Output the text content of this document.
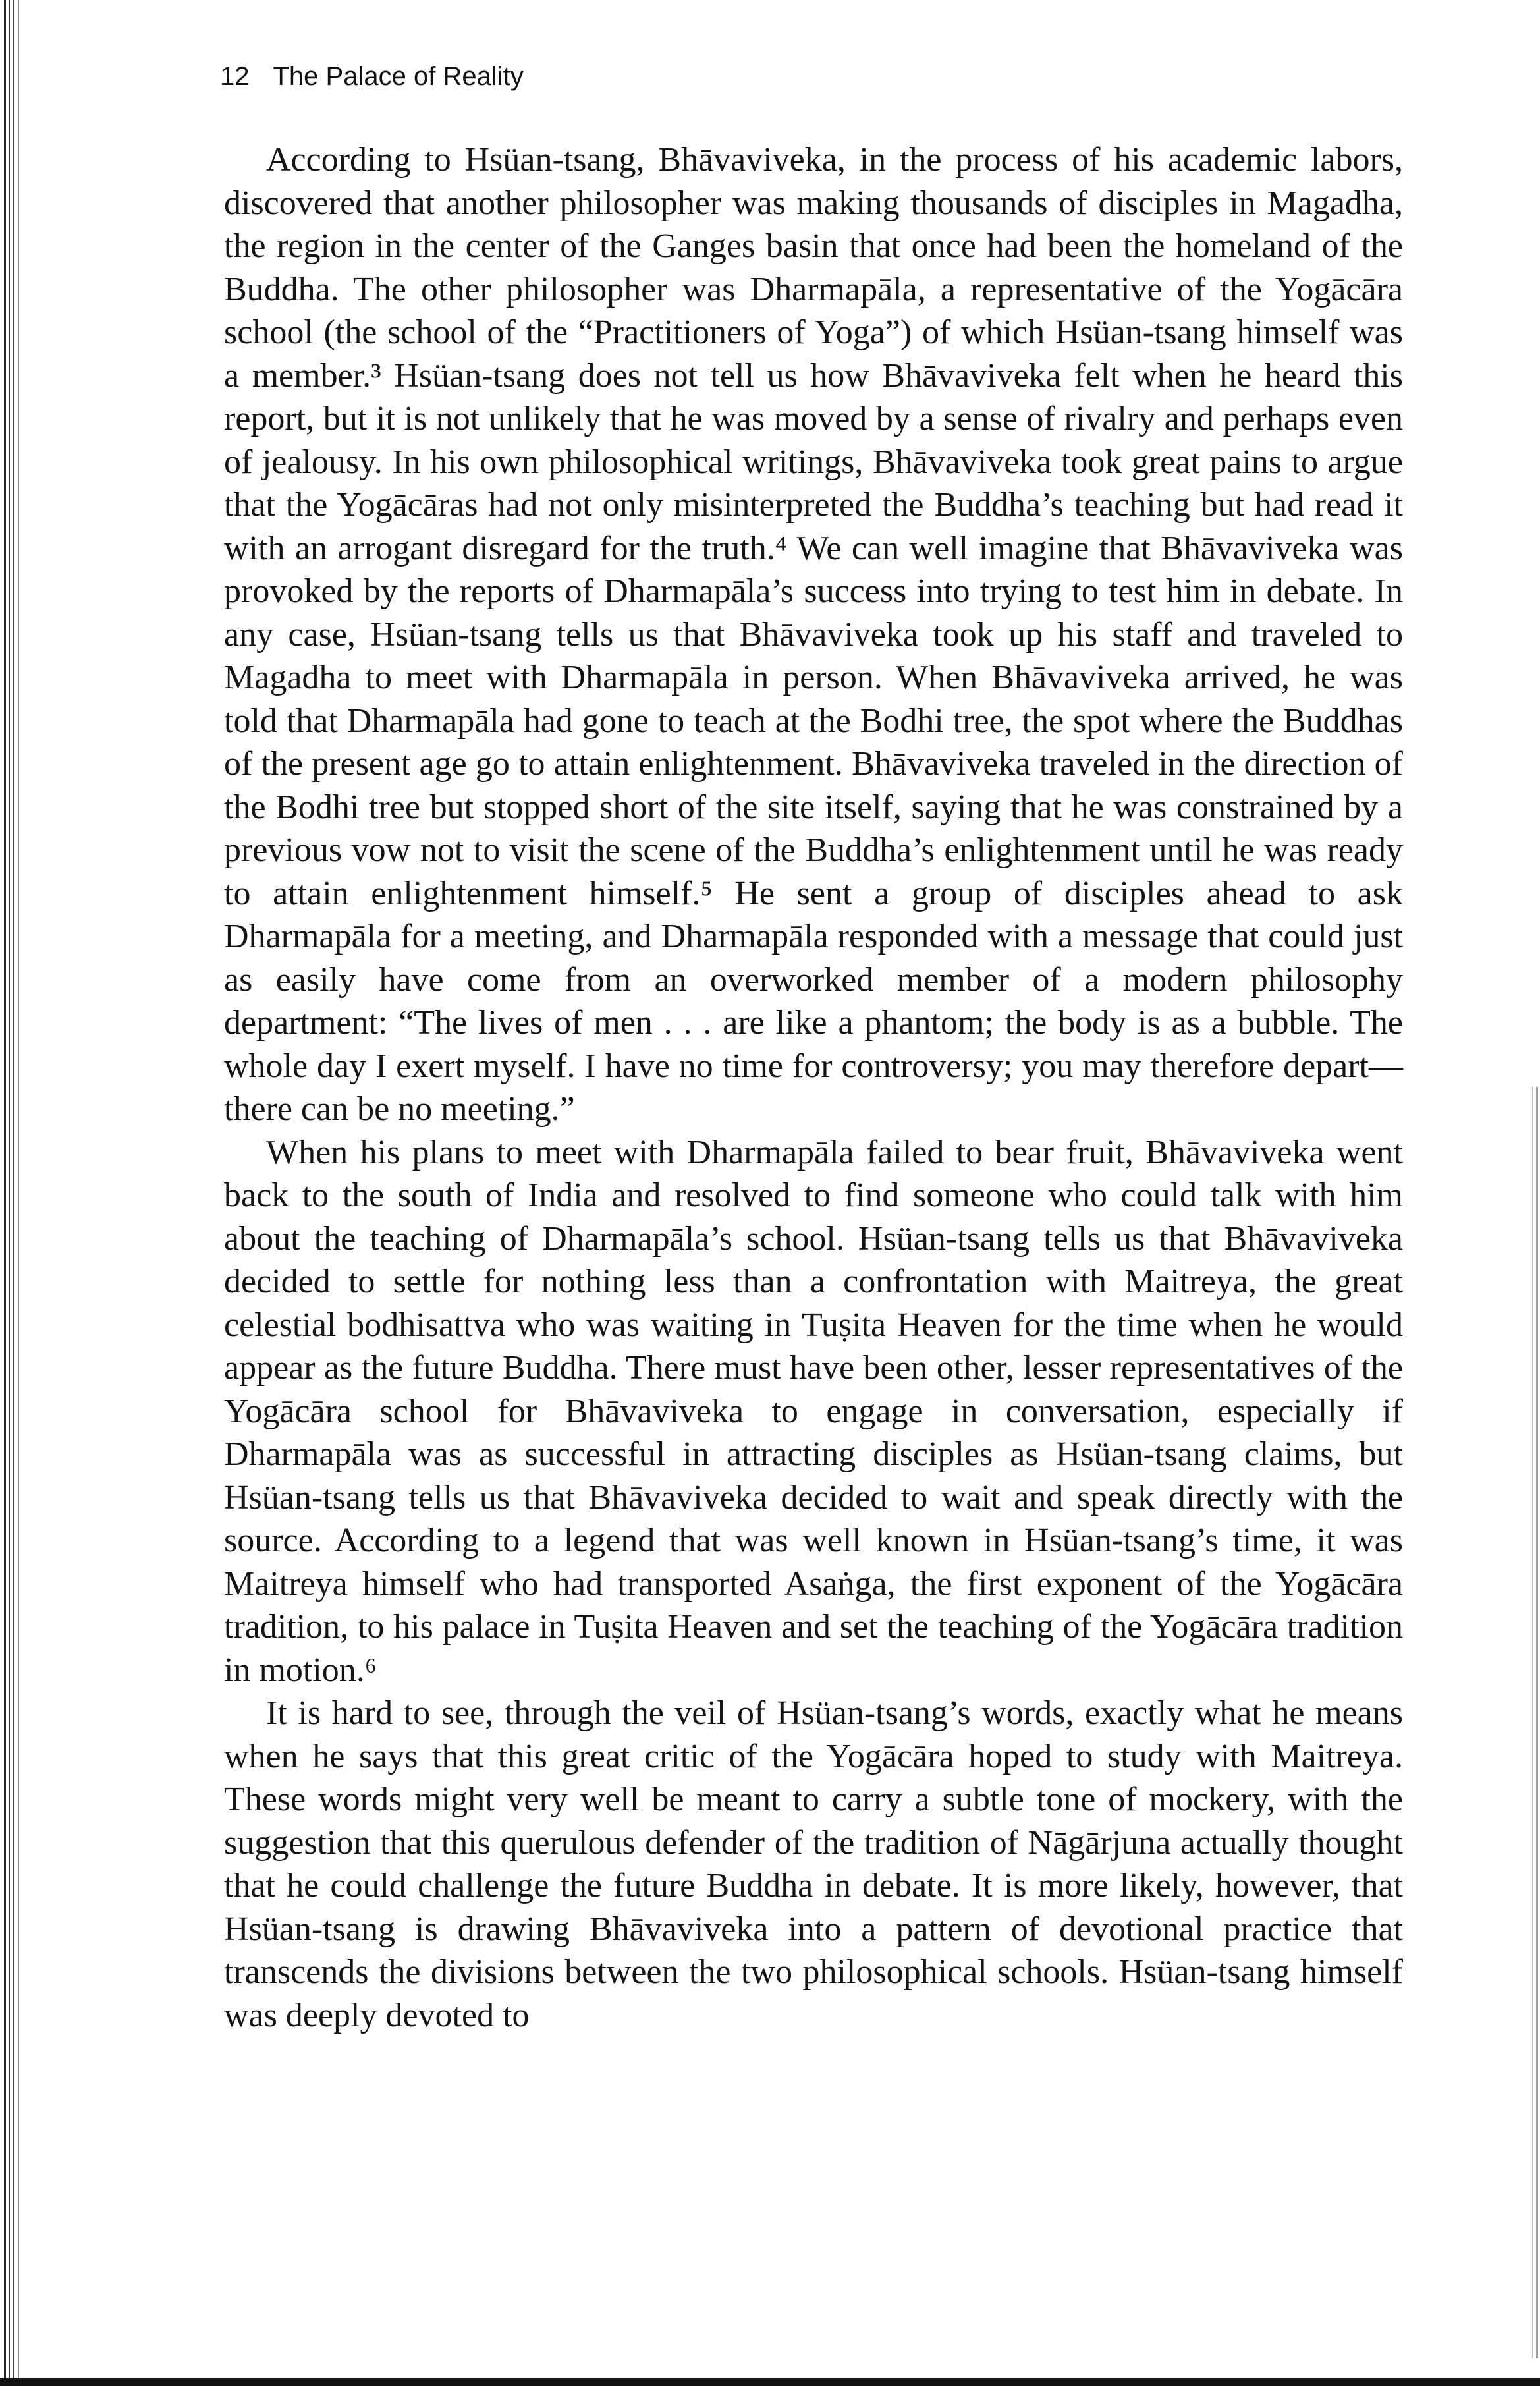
12 The Palace of Reality

According to Hsüan-tsang, Bhāvaviveka, in the process of his academic labors, discovered that another philosopher was making thousands of disciples in Magadha, the region in the center of the Ganges basin that once had been the homeland of the Buddha. The other philosopher was Dharmapāla, a representative of the Yogācāra school (the school of the “Practitioners of Yoga”) of which Hsüan-tsang himself was a member.³ Hsüan-tsang does not tell us how Bhāvaviveka felt when he heard this report, but it is not unlikely that he was moved by a sense of rivalry and perhaps even of jealousy. In his own philosophical writings, Bhāvaviveka took great pains to argue that the Yogācāras had not only misinterpreted the Buddha’s teaching but had read it with an arrogant disregard for the truth.⁴ We can well imagine that Bhāvaviveka was provoked by the reports of Dharmapāla’s success into trying to test him in debate. In any case, Hsüan-tsang tells us that Bhāvaviveka took up his staff and traveled to Magadha to meet with Dharmapāla in person. When Bhāvaviveka arrived, he was told that Dharmapāla had gone to teach at the Bodhi tree, the spot where the Buddhas of the present age go to attain enlightenment. Bhāvaviveka traveled in the direction of the Bodhi tree but stopped short of the site itself, saying that he was constrained by a previous vow not to visit the scene of the Buddha’s enlightenment until he was ready to attain enlightenment himself.⁵ He sent a group of disciples ahead to ask Dharmapāla for a meeting, and Dharmapāla responded with a message that could just as easily have come from an overworked member of a modern philosophy department: “The lives of men . . . are like a phantom; the body is as a bubble. The whole day I exert myself. I have no time for controversy; you may therefore depart—there can be no meeting.”

When his plans to meet with Dharmapāla failed to bear fruit, Bhāvaviveka went back to the south of India and resolved to find someone who could talk with him about the teaching of Dharmapāla’s school. Hsüan-tsang tells us that Bhāvaviveka decided to settle for nothing less than a confrontation with Maitreya, the great celestial bodhisattva who was waiting in Tuṣita Heaven for the time when he would appear as the future Buddha. There must have been other, lesser representatives of the Yogācāra school for Bhāvaviveka to engage in conversation, especially if Dharmapāla was as successful in attracting disciples as Hsüan-tsang claims, but Hsüan-tsang tells us that Bhāvaviveka decided to wait and speak directly with the source. According to a legend that was well known in Hsüan-tsang’s time, it was Maitreya himself who had transported Asaṅga, the first exponent of the Yogācāra tradition, to his palace in Tuṣita Heaven and set the teaching of the Yogācāra tradition in motion.⁶

It is hard to see, through the veil of Hsüan-tsang’s words, exactly what he means when he says that this great critic of the Yogācāra hoped to study with Maitreya. These words might very well be meant to carry a subtle tone of mockery, with the suggestion that this querulous defender of the tradition of Nāgārjuna actually thought that he could challenge the future Buddha in debate. It is more likely, however, that Hsüan-tsang is drawing Bhāvaviveka into a pattern of devotional practice that transcends the divisions between the two philosophical schools. Hsüan-tsang himself was deeply devoted to
